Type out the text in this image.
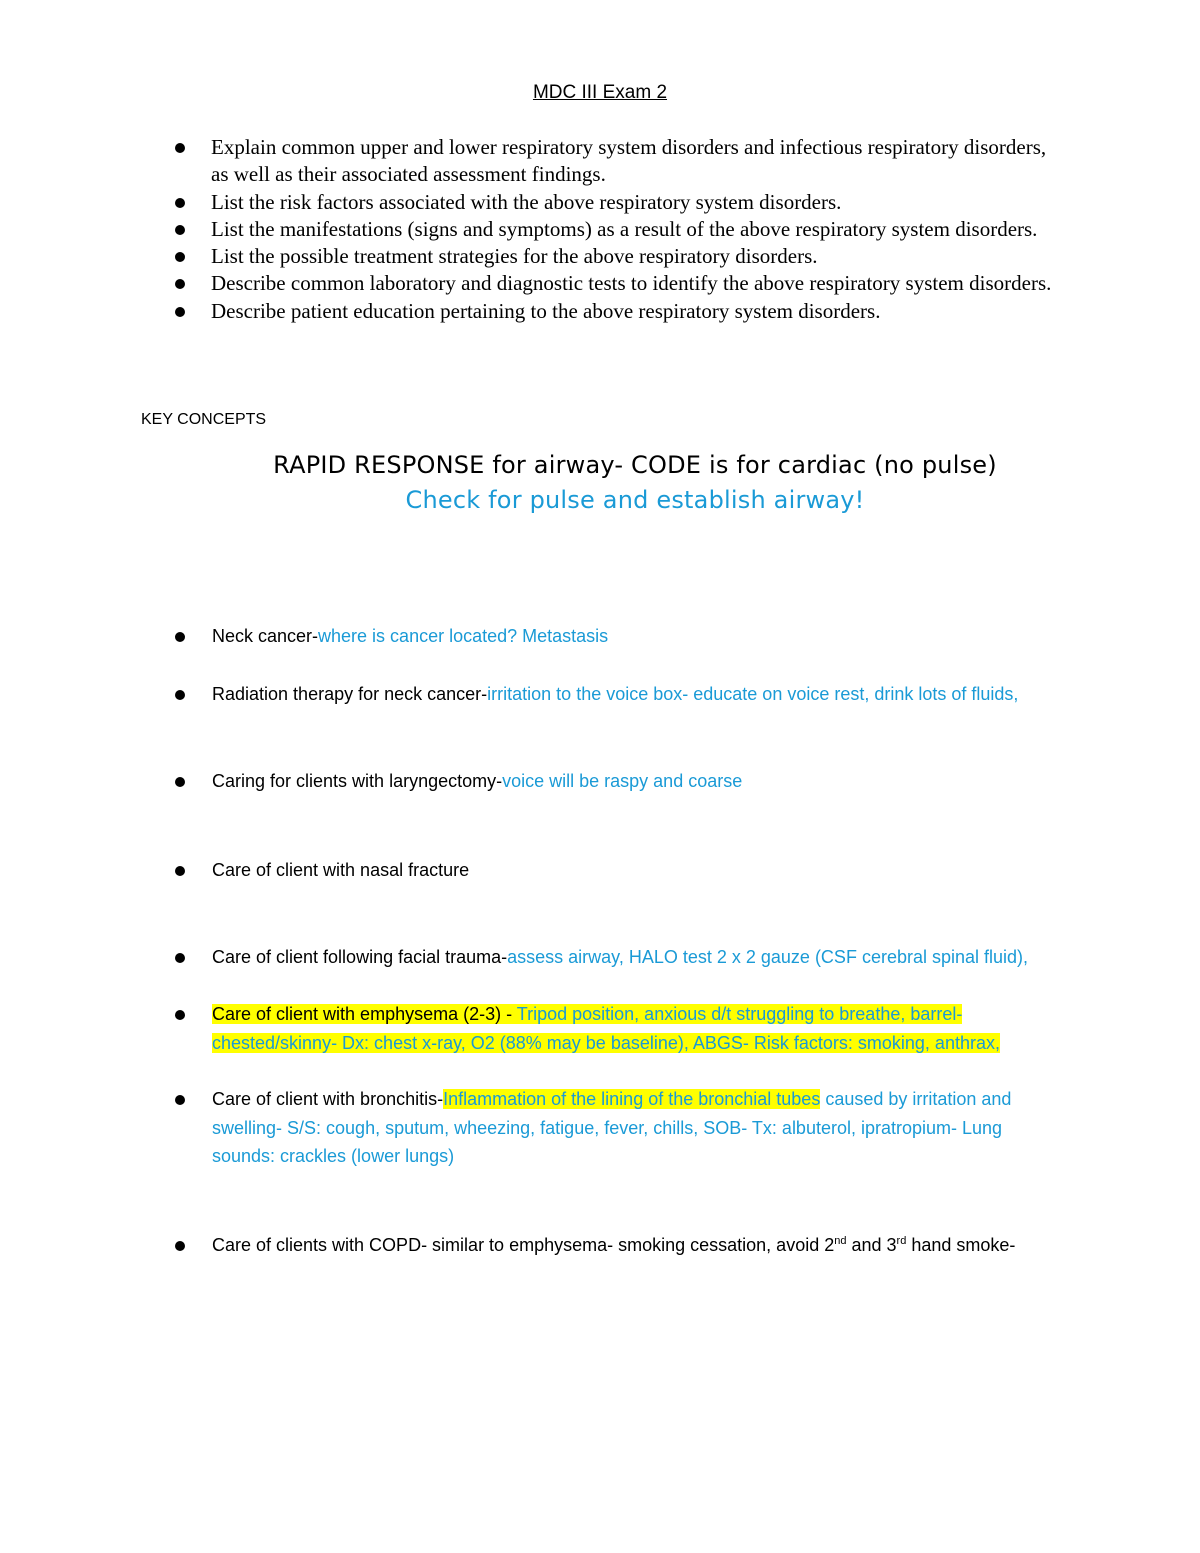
MDC III Exam 2
Explain common upper and lower respiratory system disorders and infectious respiratory disorders, as well as their associated assessment findings.
List the risk factors associated with the above respiratory system disorders.
List the manifestations (signs and symptoms) as a result of the above respiratory system disorders.
List the possible treatment strategies for the above respiratory disorders.
Describe common laboratory and diagnostic tests to identify the above respiratory system disorders.
Describe patient education pertaining to the above respiratory system disorders.
KEY CONCEPTS
RAPID RESPONSE for airway- CODE is for cardiac (no pulse)
Check for pulse and establish airway!
Neck cancer-where is cancer located? Metastasis
Radiation therapy for neck cancer-irritation to the voice box- educate on voice rest, drink lots of fluids,
Caring for clients with laryngectomy-voice will be raspy and coarse
Care of client with nasal fracture
Care of client following facial trauma-assess airway, HALO test 2 x 2 gauze (CSF cerebral spinal fluid),
Care of client with emphysema (2-3) - Tripod position, anxious d/t struggling to breathe, barrel-chested/skinny- Dx: chest x-ray, O2 (88% may be baseline), ABGS- Risk factors: smoking, anthrax,
Care of client with bronchitis-Inflammation of the lining of the bronchial tubes caused by irritation and swelling- S/S: cough, sputum, wheezing, fatigue, fever, chills, SOB- Tx: albuterol, ipratropium- Lung sounds: crackles (lower lungs)
Care of clients with COPD- similar to emphysema- smoking cessation, avoid 2nd and 3rd hand smoke-
